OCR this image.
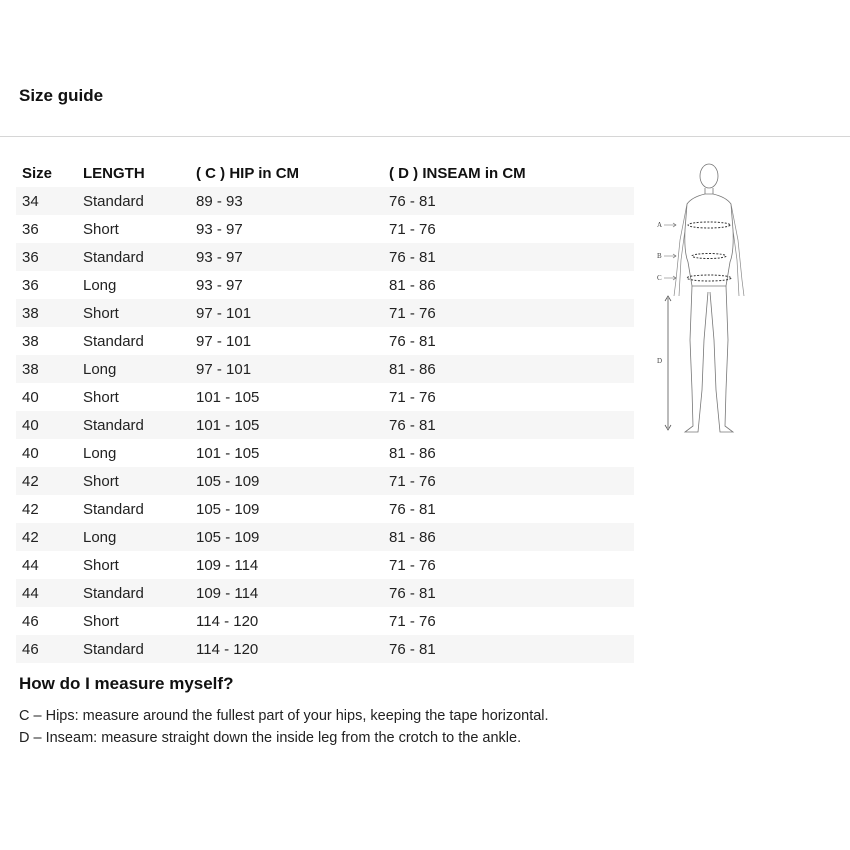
Size guide
Size	LENGTH	( C ) HIP in CM	( D ) INSEAM in CM
34	Standard	89 - 93	76 - 81
36	Short	93 - 97	71 - 76
36	Standard	93 - 97	76 - 81
36	Long	93 - 97	81 - 86
38	Short	97 - 101	71 - 76
38	Standard	97 - 101	76 - 81
38	Long	97 - 101	81 - 86
40	Short	101 - 105	71 - 76
40	Standard	101 - 105	76 - 81
40	Long	101 - 105	81 - 86
42	Short	105 - 109	71 - 76
42	Standard	105 - 109	76 - 81
42	Long	105 - 109	81 - 86
44	Short	109 - 114	71 - 76
44	Standard	109 - 114	76 - 81
46	Short	114 - 120	71 - 76
46	Standard	114 - 120	76 - 81
A
B
C
D
How do I measure myself?
C – Hips: measure around the fullest part of your hips, keeping the tape horizontal.
D – Inseam: measure straight down the inside leg from the crotch to the ankle.
